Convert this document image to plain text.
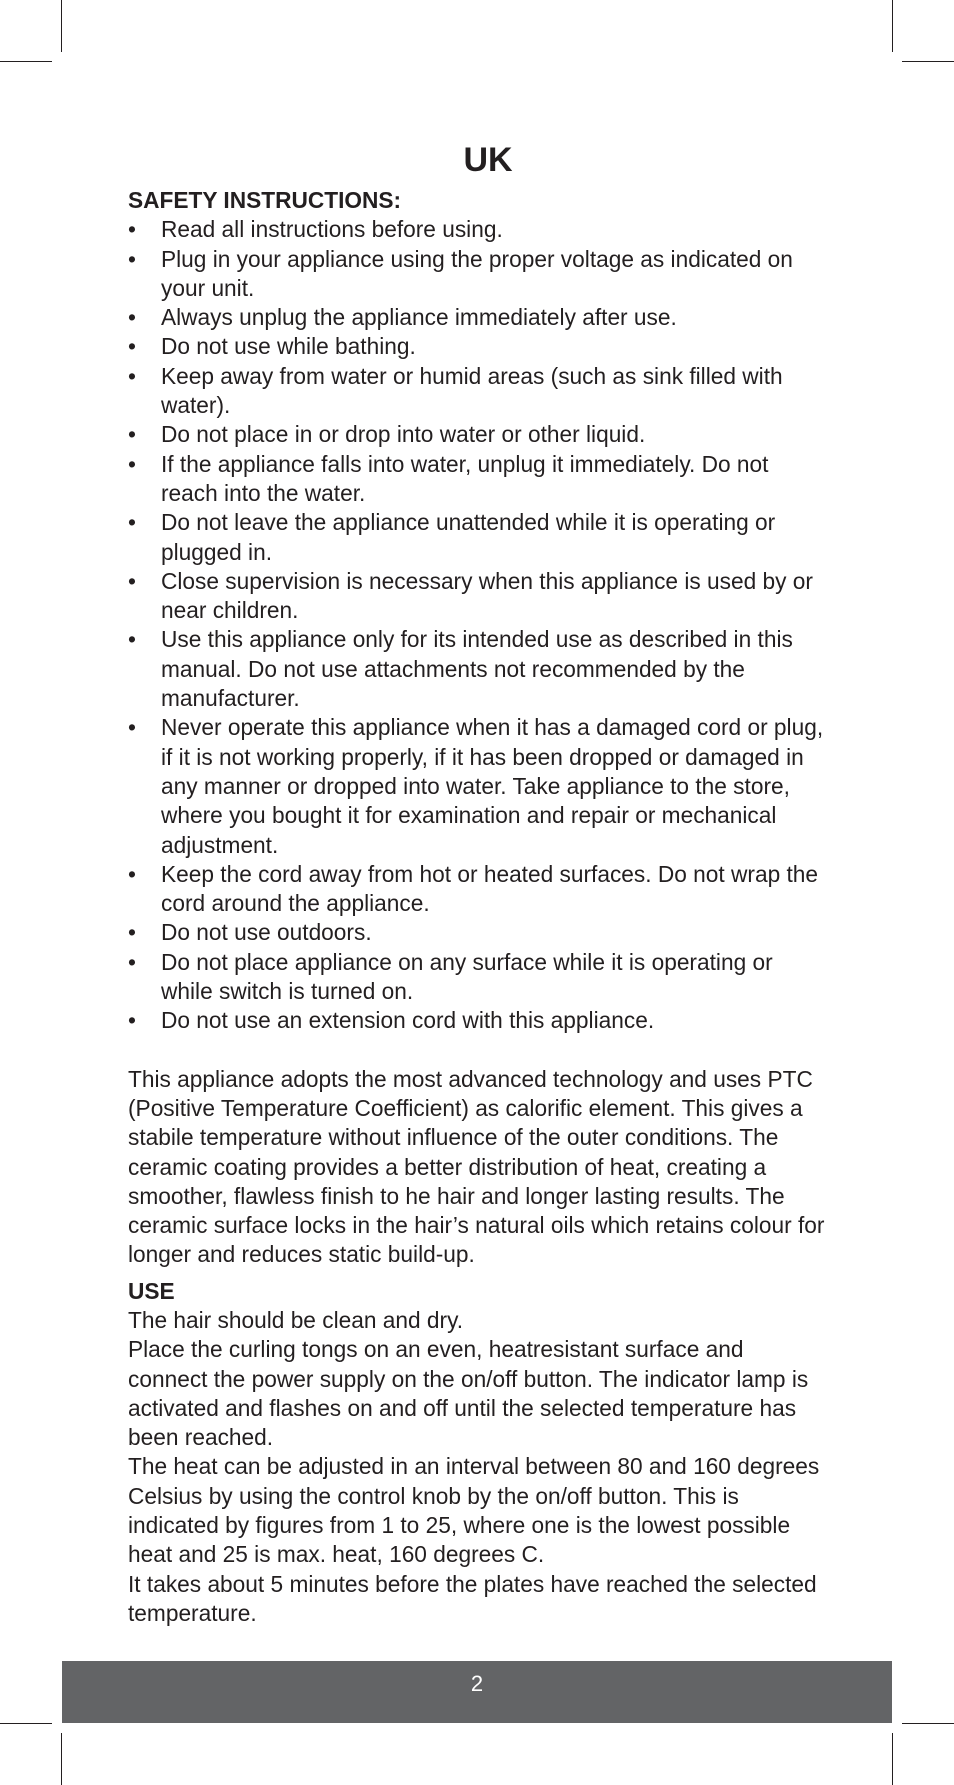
UK
SAFETY INSTRUCTIONS:
• Read all instructions before using.
• Plug in your appliance using the proper voltage as indicated on your unit.
• Always unplug the appliance immediately after use.
• Do not use while bathing.
• Keep away from water or humid areas (such as sink filled with water).
• Do not place in or drop into water or other liquid.
• If the appliance falls into water, unplug it immediately. Do not reach into the water.
• Do not leave the appliance unattended while it is operating or plugged in.
• Close supervision is necessary when this appliance is used by or near children.
• Use this appliance only for its intended use as described in this manual. Do not use attachments not recommended by the manufacturer.
• Never operate this appliance when it has a damaged cord or plug, if it is not working properly, if it has been dropped or damaged in any manner or dropped into water. Take appliance to the store, where you bought it for examination and repair or mechanical adjustment.
• Keep the cord away from hot or heated surfaces. Do not wrap the cord around the appliance.
• Do not use outdoors.
• Do not place appliance on any surface while it is operating or while switch is turned on.
• Do not use an extension cord with this appliance.

This appliance adopts the most advanced technology and uses PTC (Positive Temperature Coefficient) as calorific element. This gives a stabile temperature without influence of the outer conditions. The ceramic coating provides a better distribution of heat, creating a smoother, flawless finish to he hair and longer lasting results. The ceramic surface locks in the hair’s natural oils which retains colour for longer and reduces static build-up.

USE

The hair should be clean and dry.

Place the curling tongs on an even, heatresistant surface and connect the power supply on the on/off button. The indicator lamp is activated and flashes on and off until the selected temperature has been reached.

The heat can be adjusted in an interval between 80 and 160 degrees Celsius by using the control knob by the on/off button. This is indicated by figures from 1 to 25, where one is the lowest possible heat and 25 is max. heat, 160 degrees C.

It takes about 5 minutes before the plates have reached the selected temperature.

2
